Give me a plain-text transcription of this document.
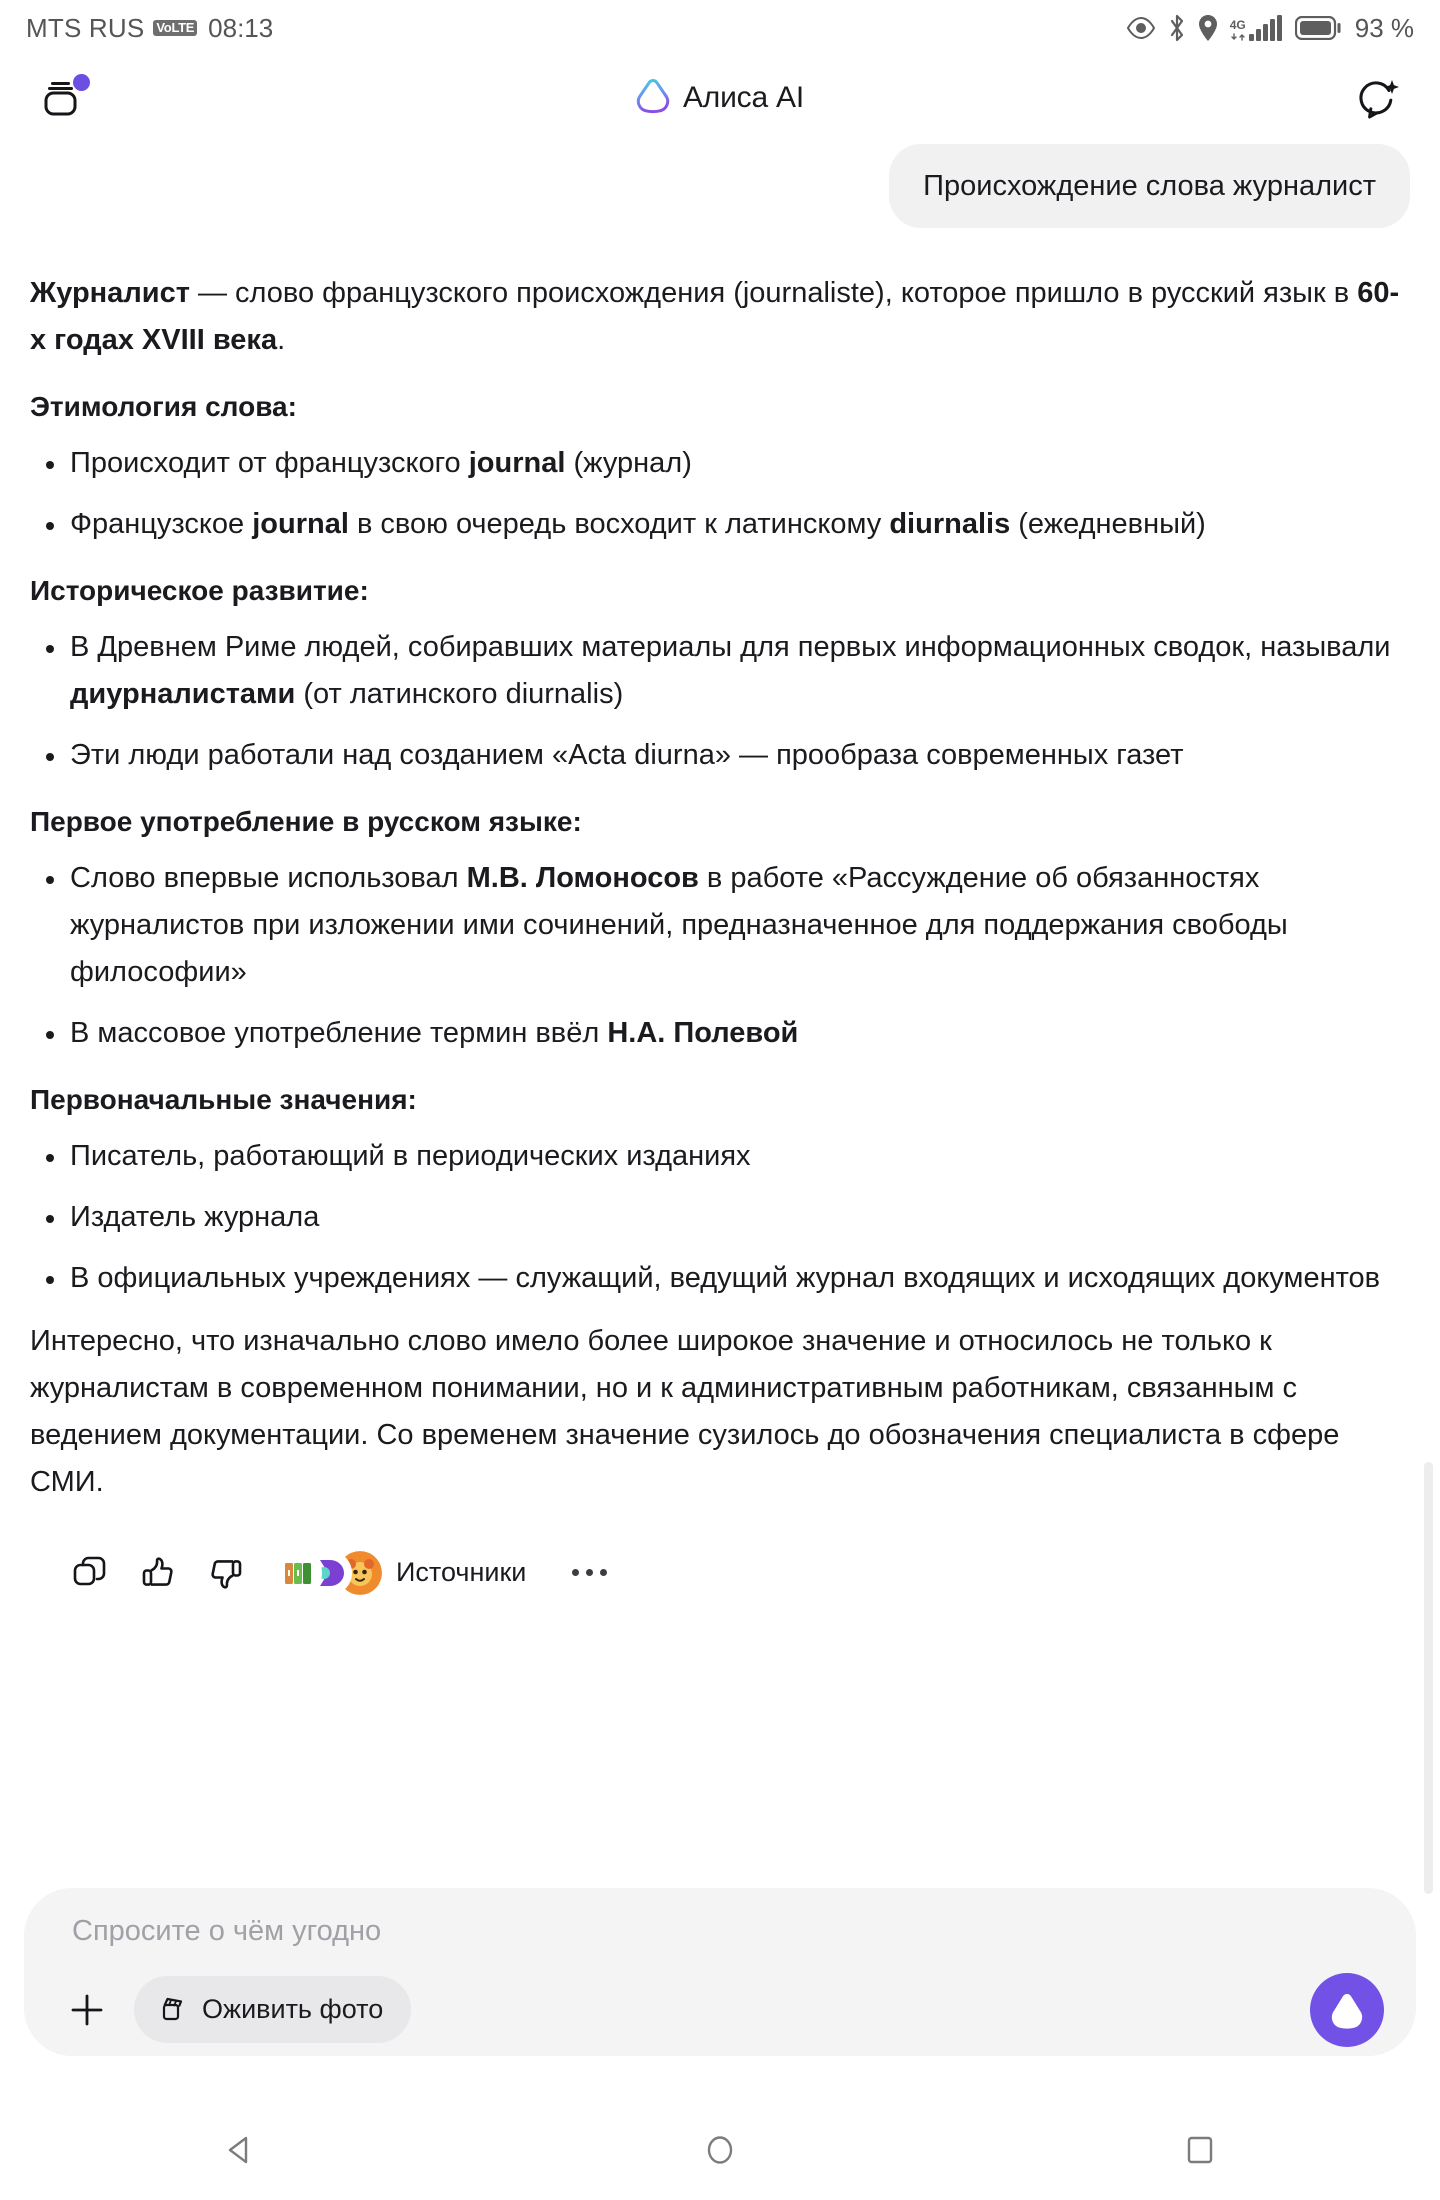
MTS RUS VoLTE 08:13	4G	93 %
Алиса AI
Происхождение слова журналист

Журналист — слово французского происхождения (journaliste), которое пришло в русский язык в 60-х годах XVIII века.

Этимология слова:
Происходит от французского journal (журнал)
Французское journal в свою очередь восходит к латинскому diurnalis (ежедневный)
Историческое развитие:
В Древнем Риме людей, собиравших материалы для первых информационных сводок, называли диурналистами (от латинского diurnalis)
Эти люди работали над созданием «Acta diurna» — прообраза современных газет
Первое употребление в русском языке:
Слово впервые использовал М.В. Ломоносов в работе «Рассуждение об обязанностях журналистов при изложении ими сочинений, предназначенное для поддержания свободы философии»
В массовое употребление термин ввёл Н.А. Полевой
Первоначальные значения:
Писатель, работающий в периодических изданиях
Издатель журнала
В официальных учреждениях — служащий, ведущий журнал входящих и исходящих документов

Интересно, что изначально слово имело более широкое значение и относилось не только к журналистам в современном понимании, но и к административным работникам, связанным с ведением документации. Со временем значение сузилось до обозначения специалиста в сфере СМИ.

Источники
Спросите о чём угодно
Оживить фото
